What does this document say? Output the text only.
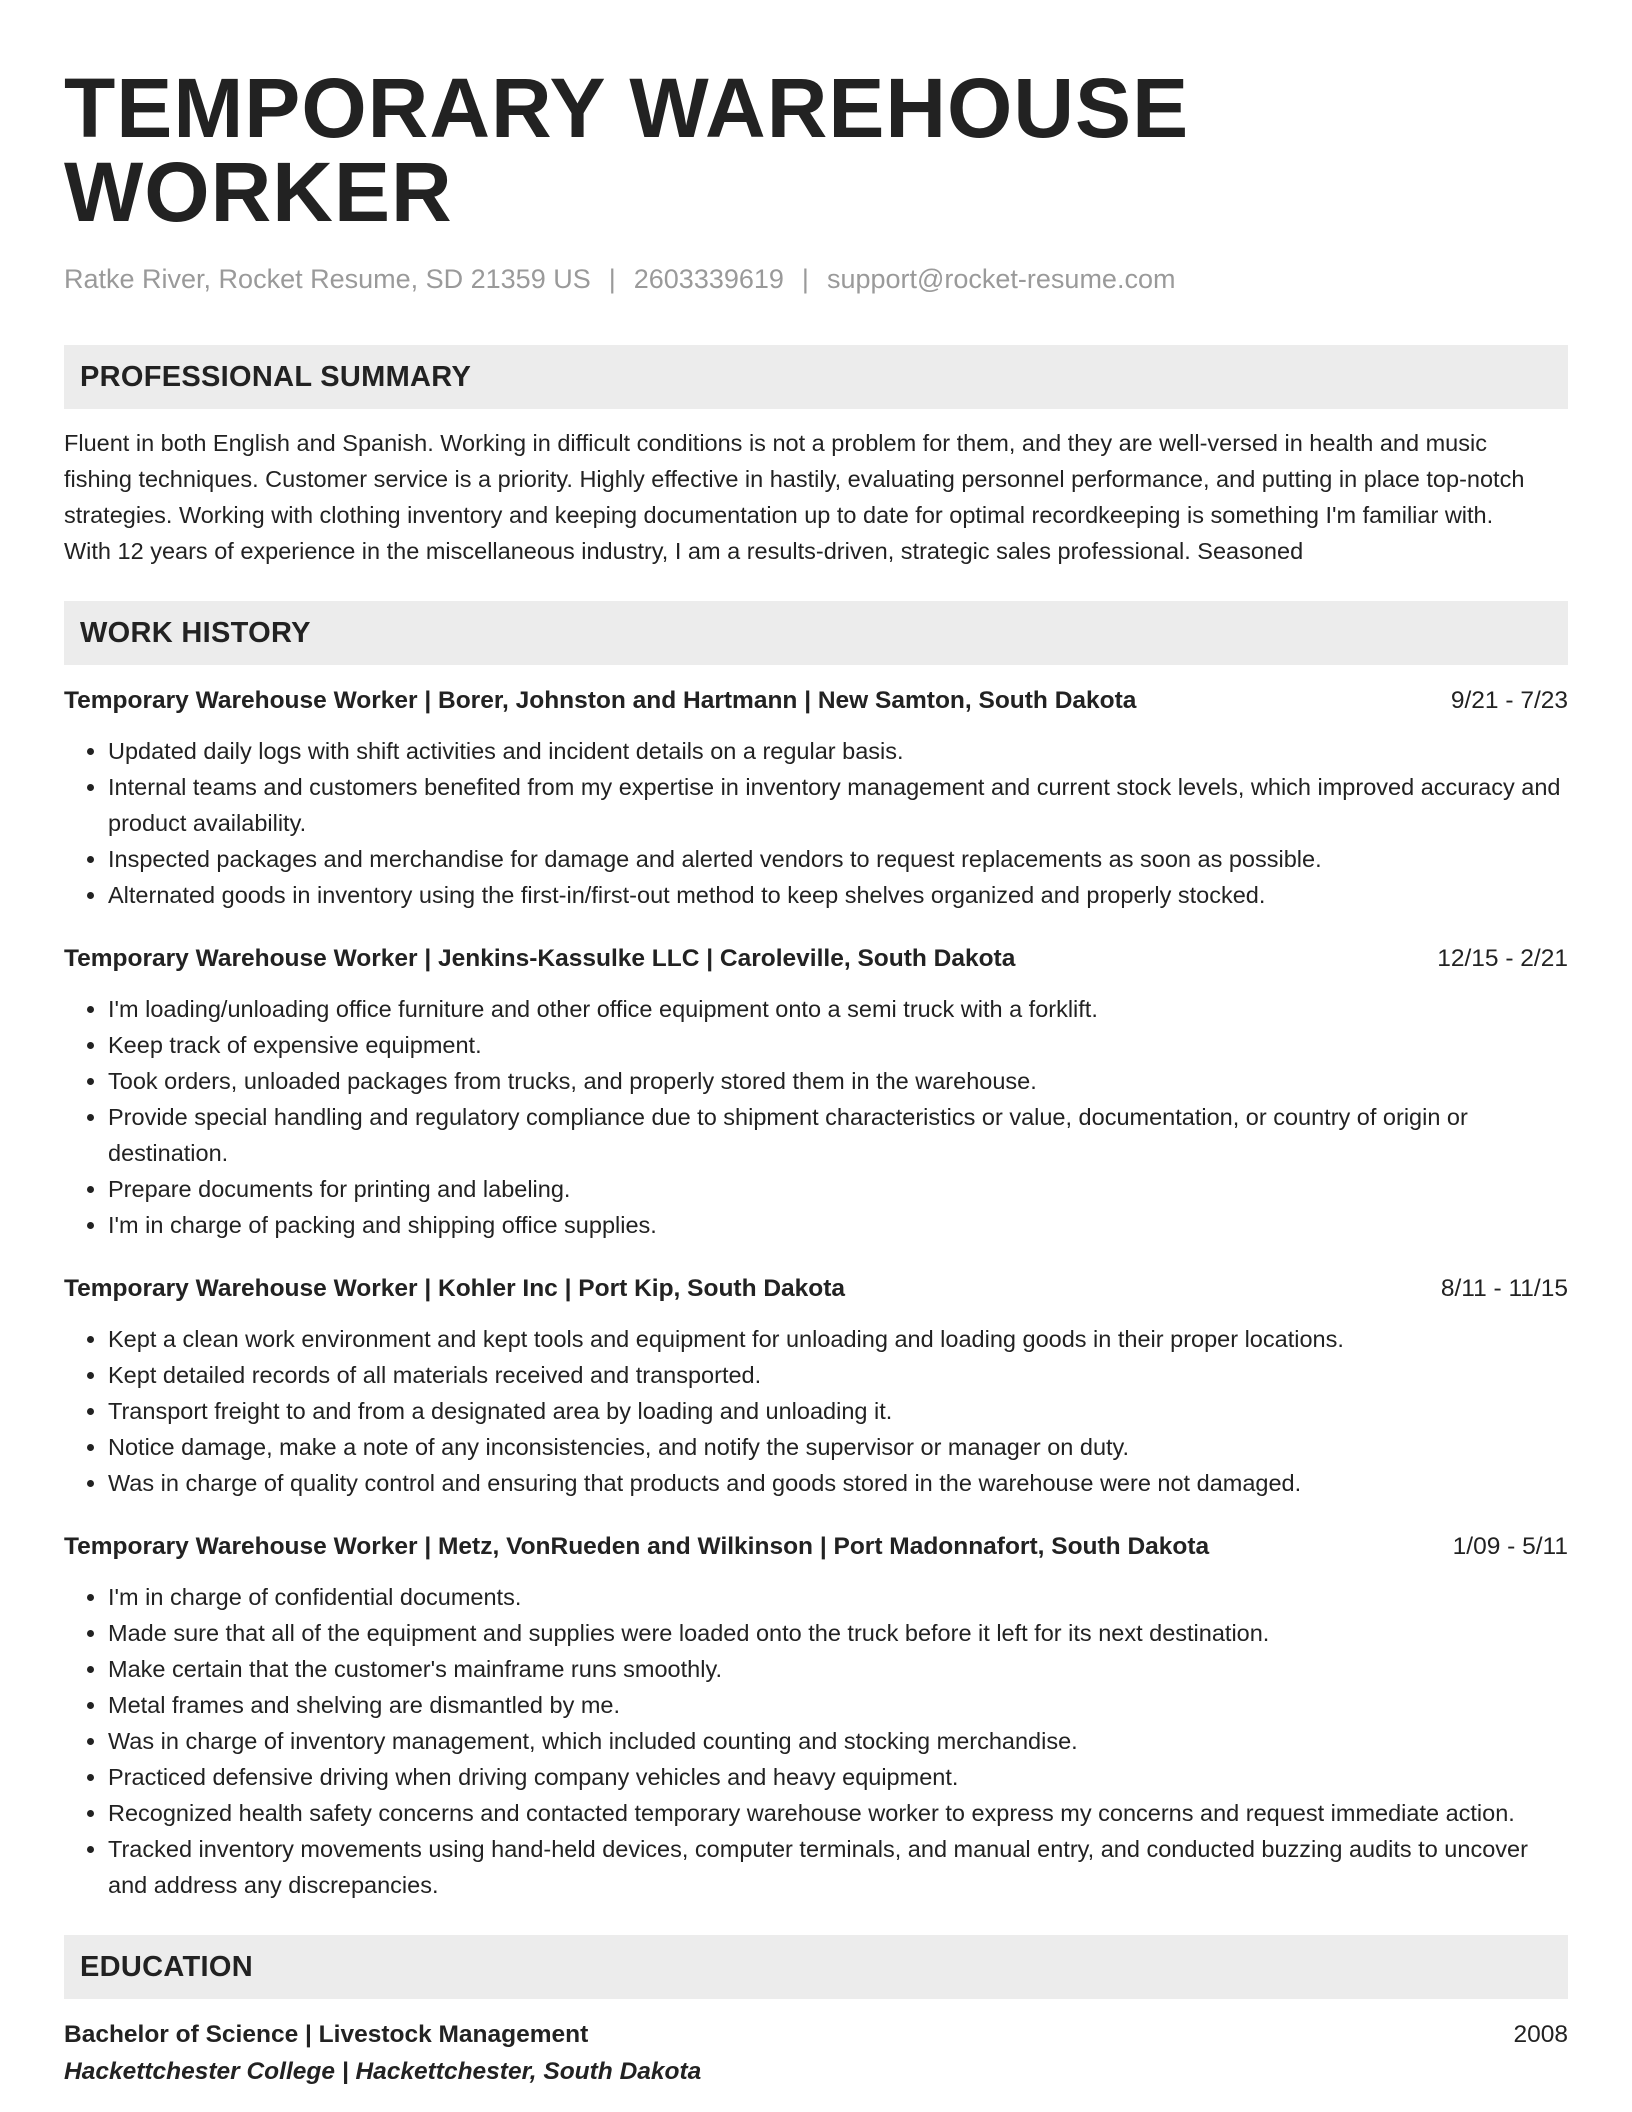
TEMPORARY WAREHOUSE WORKER
Ratke River, Rocket Resume, SD 21359 US | 2603339619 | support@rocket-resume.com
PROFESSIONAL SUMMARY
Fluent in both English and Spanish. Working in difficult conditions is not a problem for them, and they are well-versed in health and music fishing techniques. Customer service is a priority. Highly effective in hastily, evaluating personnel performance, and putting in place top-notch strategies. Working with clothing inventory and keeping documentation up to date for optimal recordkeeping is something I'm familiar with. With 12 years of experience in the miscellaneous industry, I am a results-driven, strategic sales professional. Seasoned
WORK HISTORY
Temporary Warehouse Worker | Borer, Johnston and Hartmann | New Samton, South Dakota	9/21 - 7/23
• Updated daily logs with shift activities and incident details on a regular basis.
• Internal teams and customers benefited from my expertise in inventory management and current stock levels, which improved accuracy and product availability.
• Inspected packages and merchandise for damage and alerted vendors to request replacements as soon as possible.
• Alternated goods in inventory using the first-in/first-out method to keep shelves organized and properly stocked.
Temporary Warehouse Worker | Jenkins-Kassulke LLC | Caroleville, South Dakota	12/15 - 2/21
• I'm loading/unloading office furniture and other office equipment onto a semi truck with a forklift.
• Keep track of expensive equipment.
• Took orders, unloaded packages from trucks, and properly stored them in the warehouse.
• Provide special handling and regulatory compliance due to shipment characteristics or value, documentation, or country of origin or destination.
• Prepare documents for printing and labeling.
• I'm in charge of packing and shipping office supplies.
Temporary Warehouse Worker | Kohler Inc | Port Kip, South Dakota	8/11 - 11/15
• Kept a clean work environment and kept tools and equipment for unloading and loading goods in their proper locations.
• Kept detailed records of all materials received and transported.
• Transport freight to and from a designated area by loading and unloading it.
• Notice damage, make a note of any inconsistencies, and notify the supervisor or manager on duty.
• Was in charge of quality control and ensuring that products and goods stored in the warehouse were not damaged.
Temporary Warehouse Worker | Metz, VonRueden and Wilkinson | Port Madonnafort, South Dakota	1/09 - 5/11
• I'm in charge of confidential documents.
• Made sure that all of the equipment and supplies were loaded onto the truck before it left for its next destination.
• Make certain that the customer's mainframe runs smoothly.
• Metal frames and shelving are dismantled by me.
• Was in charge of inventory management, which included counting and stocking merchandise.
• Practiced defensive driving when driving company vehicles and heavy equipment.
• Recognized health safety concerns and contacted temporary warehouse worker to express my concerns and request immediate action.
• Tracked inventory movements using hand-held devices, computer terminals, and manual entry, and conducted buzzing audits to uncover and address any discrepancies.
EDUCATION
Bachelor of Science | Livestock Management	2008
Hackettchester College | Hackettchester, South Dakota
